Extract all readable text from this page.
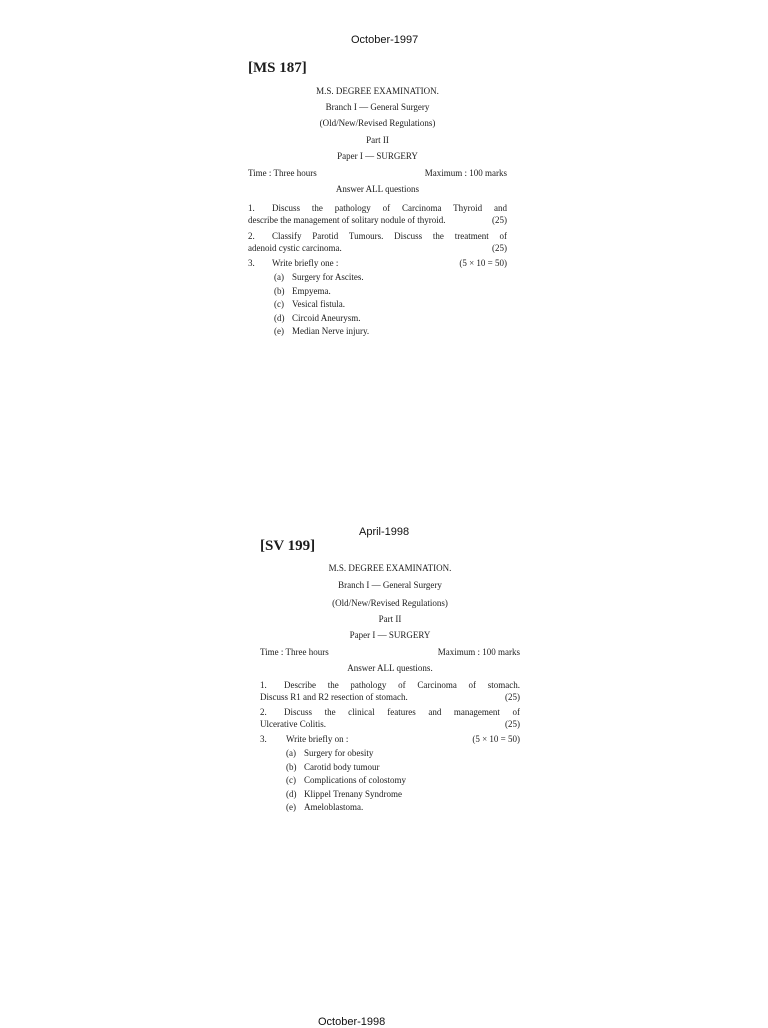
October-1997
[MS 187]
M.S. DEGREE EXAMINATION.
Branch I — General Surgery
(Old/New/Revised Regulations)
Part II
Paper I — SURGERY
Time : Three hours	Maximum : 100 marks
Answer ALL questions
1. Discuss the pathology of Carcinoma Thyroid and
describe the management of solitary nodule of thyroid.	(25)
2. Classify Parotid Tumours. Discuss the treatment of
adenoid cystic carcinoma.	(25)
3. Write briefly one :	(5 × 10 = 50)
(a) Surgery for Ascites.
(b) Empyema.
(c) Vesical fistula.
(d) Circoid Aneurysm.
(e) Median Nerve injury.
April-1998
[SV 199]
M.S. DEGREE EXAMINATION.
Branch I — General Surgery
(Old/New/Revised Regulations)
Part II
Paper I — SURGERY
Time : Three hours	Maximum : 100 marks
Answer ALL questions.
1. Describe the pathology of Carcinoma of stomach.
Discuss R1 and R2 resection of stomach.	(25)
2. Discuss the clinical features and management of
Ulcerative Colitis.	(25)
3. Write briefly on :	(5 × 10 = 50)
(a) Surgery for obesity
(b) Carotid body tumour
(c) Complications of colostomy
(d) Klippel Trenany Syndrome
(e) Ameloblastoma.
October-1998
